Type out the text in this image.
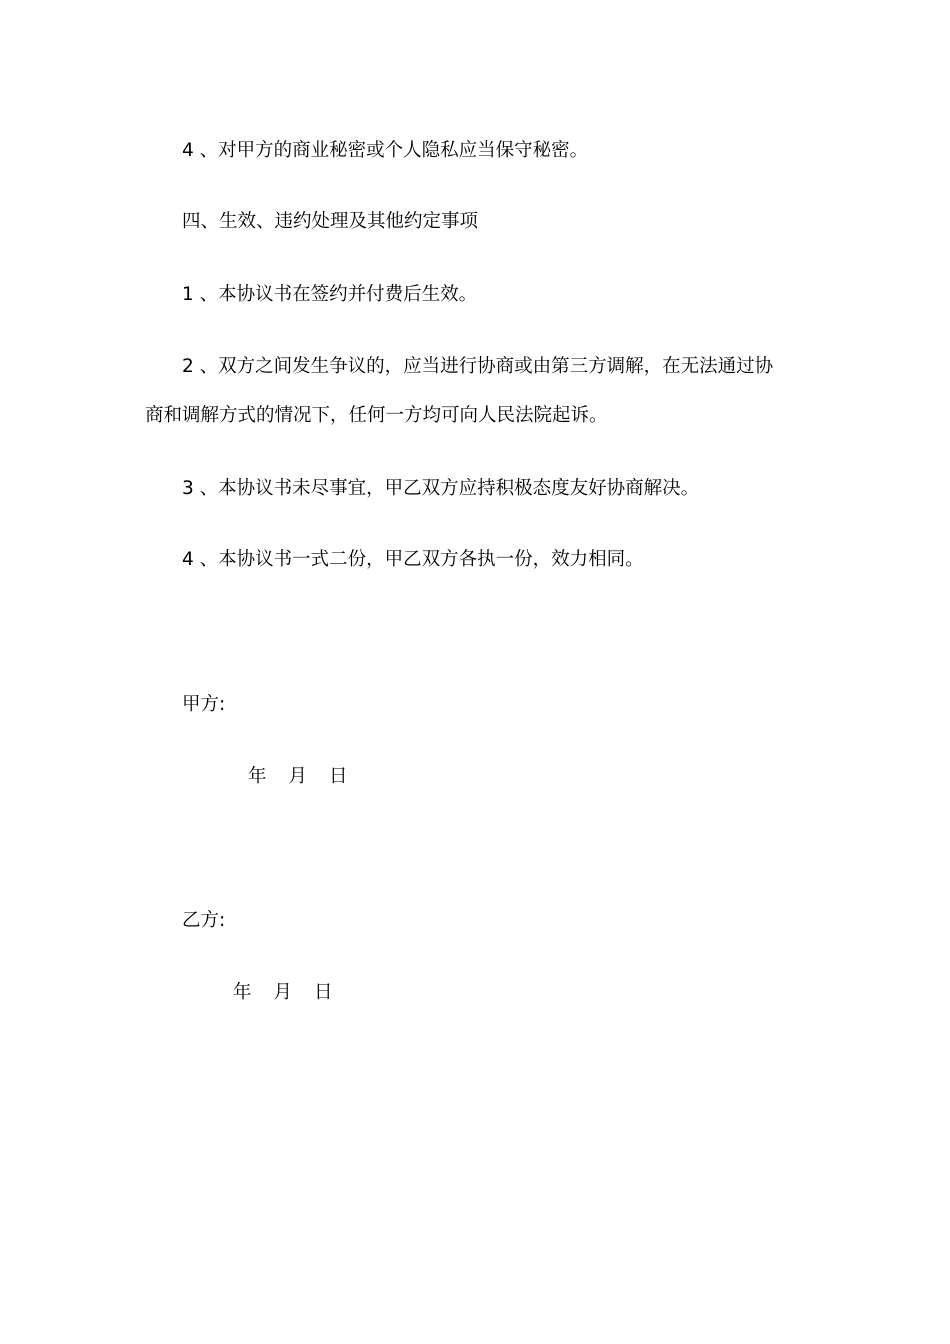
4 、对甲方的商业秘密或个人隐私应当保守秘密。
四、生效、违约处理及其他约定事项
1 、本协议书在签约并付费后生效。
2 、双方之间发生争议的，应当进行协商或由第三方调解，在无法通过协
商和调解方式的情况下，任何一方均可向人民法院起诉。
3 、本协议书未尽事宜，甲乙双方应持积极态度友好协商解决。
4 、本协议书一式二份，甲乙双方各执一份，效力相同。
甲方:
年 月 日
乙方:
年 月 日
